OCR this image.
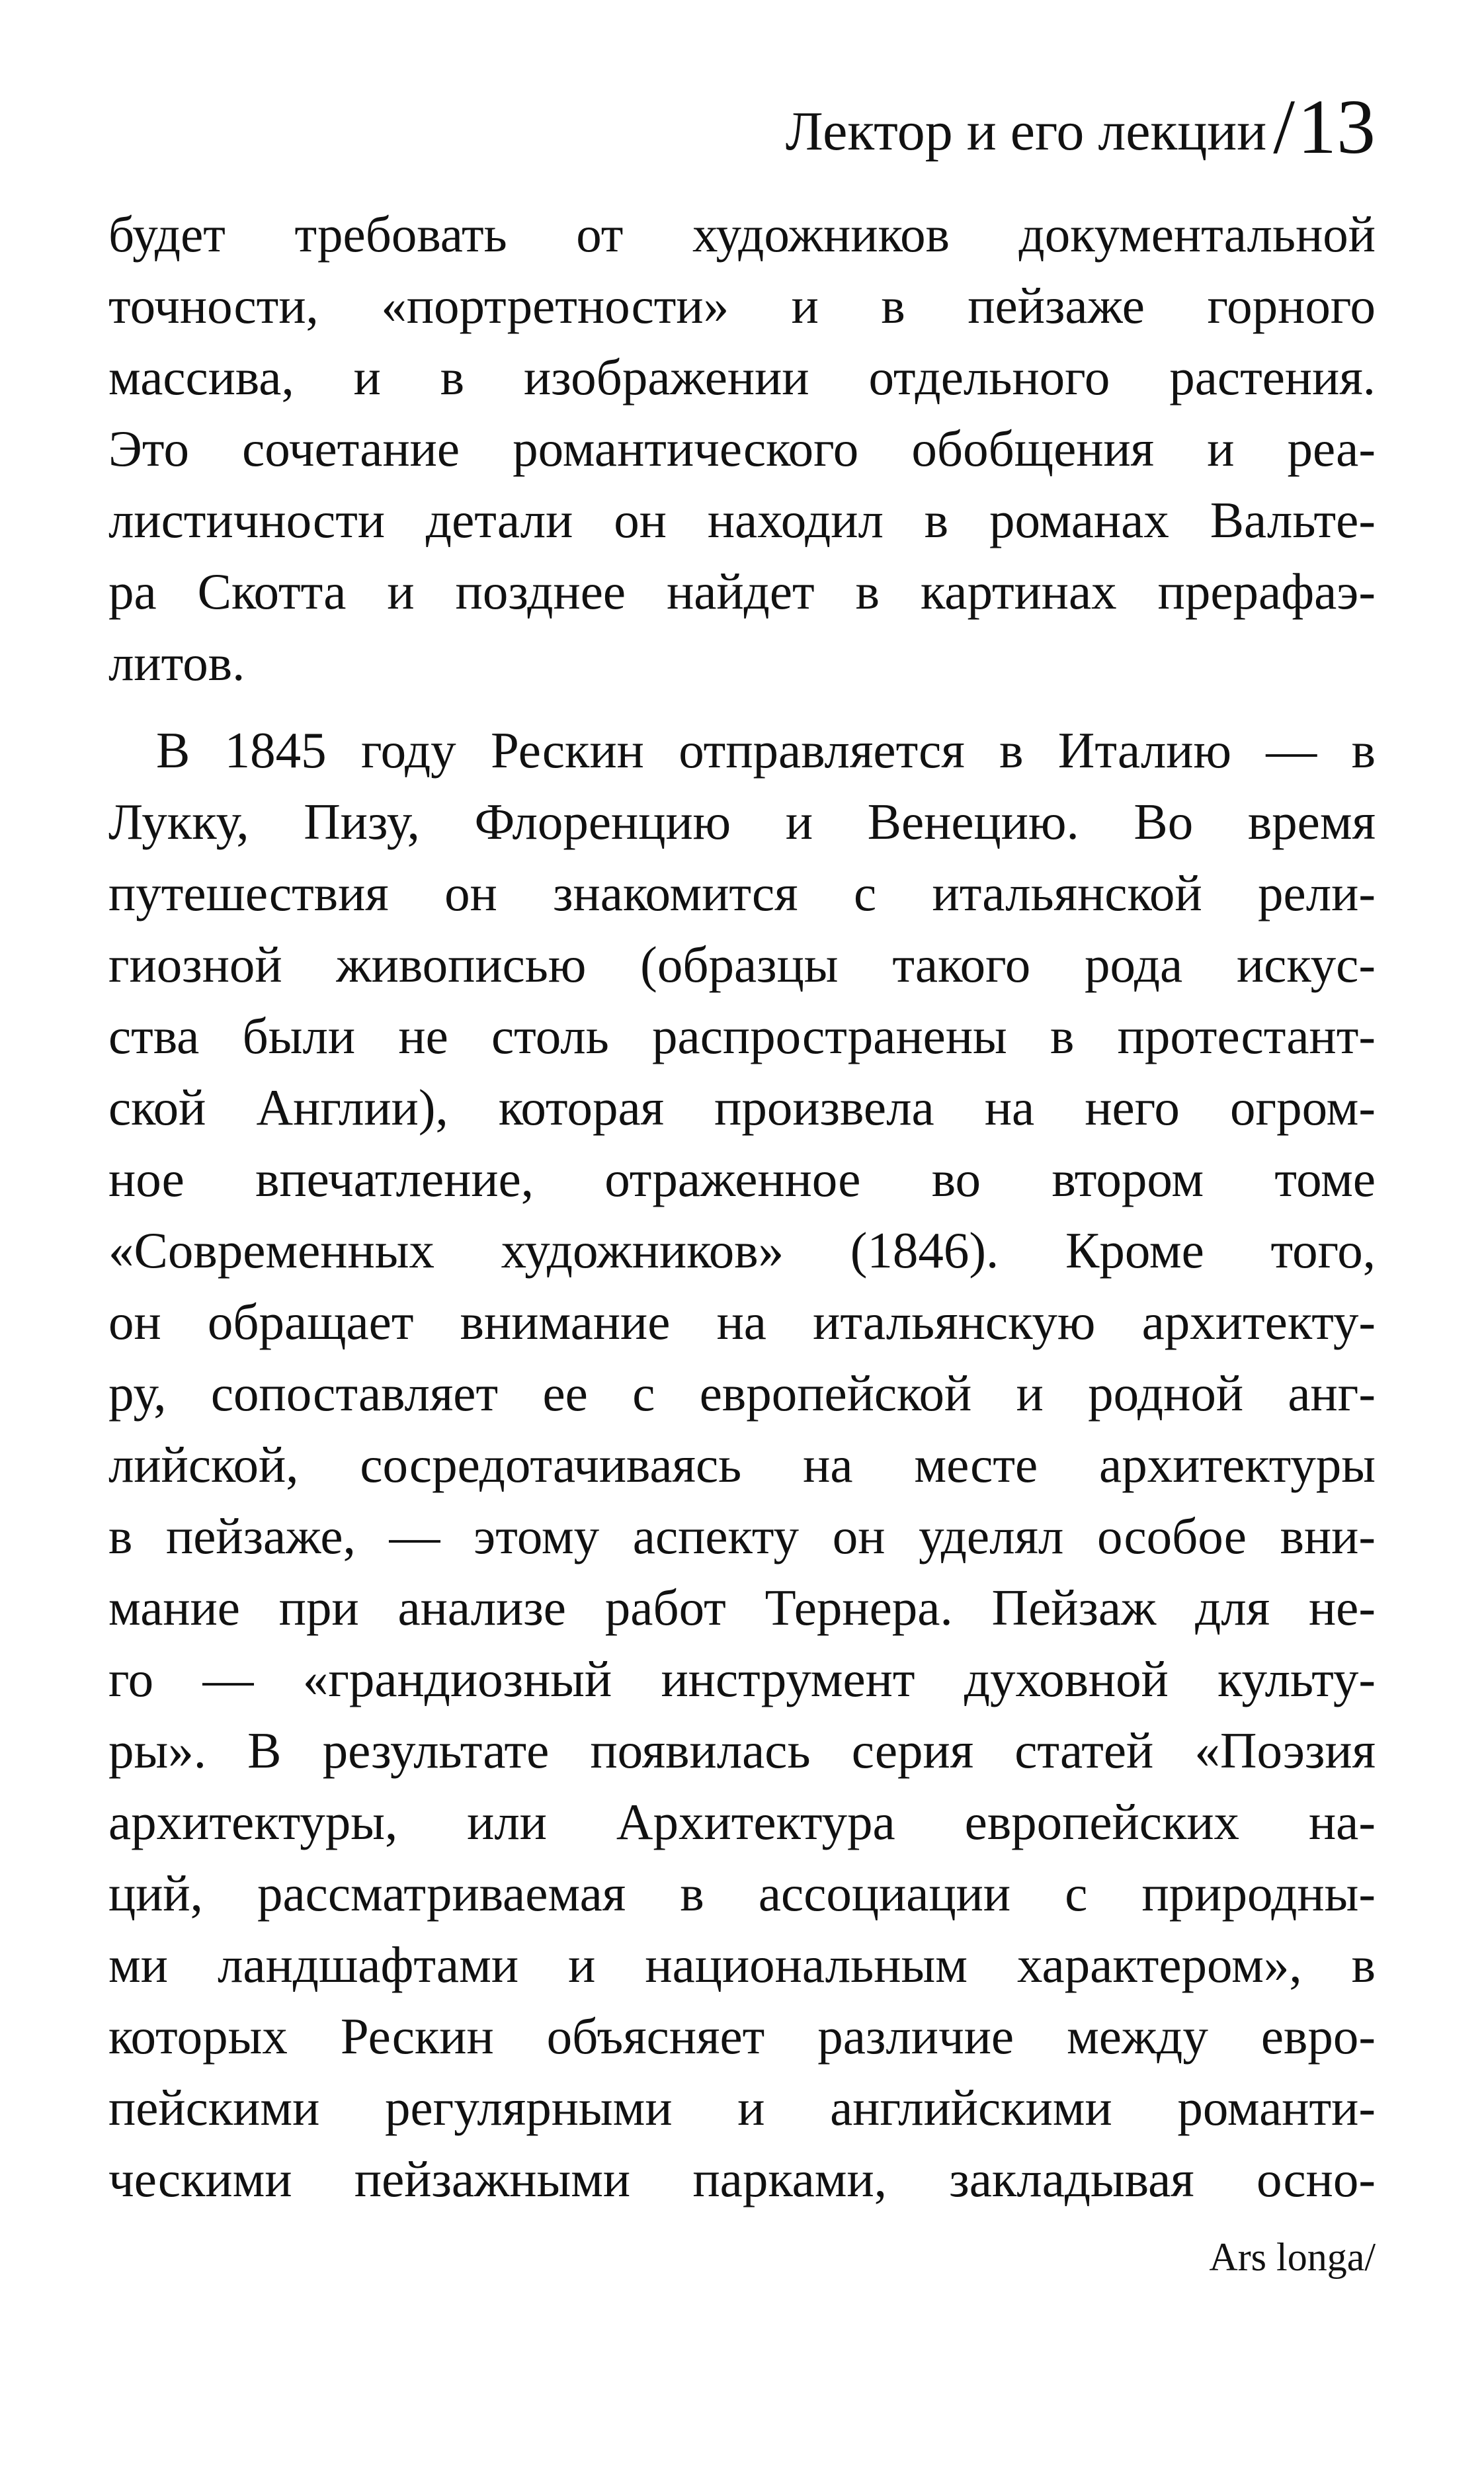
Лектор и его лекции / 13
будет требовать от художников документальной
точности, «портретности» и в пейзаже горного
массива, и в изображении отдельного растения.
Это сочетание романтического обобщения и реа-
листичности детали он находил в романах Вальте-
ра Скотта и позднее найдет в картинах прерафаэ-
литов.
В 1845 году Рескин отправляется в Италию — в
Лукку, Пизу, Флоренцию и Венецию. Во время
путешествия он знакомится с итальянской рели-
гиозной живописью (образцы такого рода искус-
ства были не столь распространены в протестант-
ской Англии), которая произвела на него огром-
ное впечатление, отраженное во втором томе
«Современных художников» (1846). Кроме того,
он обращает внимание на итальянскую архитекту-
ру, сопоставляет ее с европейской и родной анг-
лийской, сосредотачиваясь на месте архитектуры
в пейзаже, — этому аспекту он уделял особое вни-
мание при анализе работ Тернера. Пейзаж для не-
го — «грандиозный инструмент духовной культу-
ры». В результате появилась серия статей «Поэзия
архитектуры, или Архитектура европейских на-
ций, рассматриваемая в ассоциации с природны-
ми ландшафтами и национальным характером», в
которых Рескин объясняет различие между евро-
пейскими регулярными и английскими романти-
ческими пейзажными парками, закладывая осно-
Ars longa/
